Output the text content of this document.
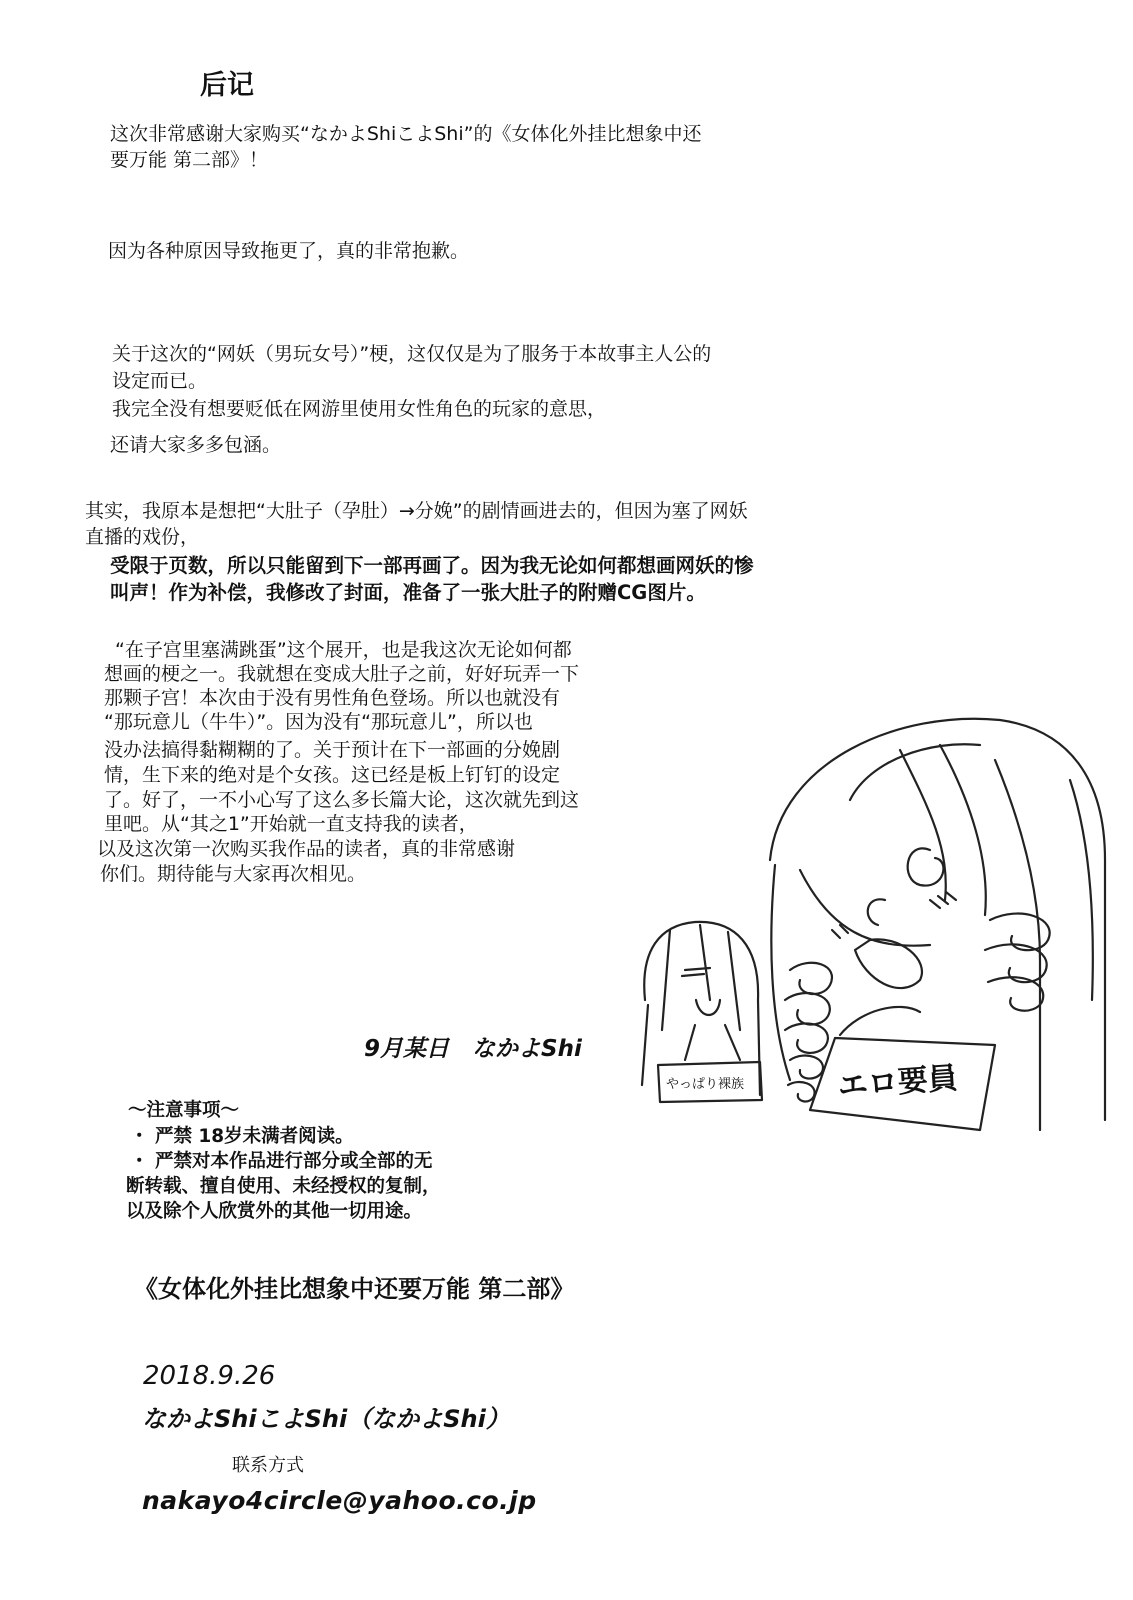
后记
这次非常感谢大家购买“なかよShiこよShi”的《女体化外挂比想象中还
要万能 第二部》！
因为各种原因导致拖更了，真的非常抱歉。
关于这次的“网妖（男玩女号）”梗，这仅仅是为了服务于本故事主人公的
设定而已。
我完全没有想要贬低在网游里使用女性角色的玩家的意思，
还请大家多多包涵。
其实，我原本是想把“大肚子（孕肚）→分娩”的剧情画进去的，但因为塞了网妖
直播的戏份，
受限于页数，所以只能留到下一部再画了。因为我无论如何都想画网妖的惨
叫声！作为补偿，我修改了封面，准备了一张大肚子的附赠CG图片。
“在子宫里塞满跳蛋”这个展开，也是我这次无论如何都
想画的梗之一。我就想在变成大肚子之前，好好玩弄一下
那颗子宫！本次由于没有男性角色登场。所以也就没有
“那玩意儿（牛牛）”。因为没有“那玩意儿”，所以也
没办法搞得黏糊糊的了。关于预计在下一部画的分娩剧
情，生下来的绝对是个女孩。这已经是板上钉钉的设定
了。好了，一不小心写了这么多长篇大论，这次就先到这
里吧。从“其之1”开始就一直支持我的读者，
以及这次第一次购买我作品的读者，真的非常感谢
你们。期待能与大家再次相见。
9月某日　なかよShi
～注意事项～
・ 严禁 18岁未满者阅读。
・ 严禁对本作品进行部分或全部的无
断转载、擅自使用、未经授权的复制，
以及除个人欣赏外的其他一切用途。
《女体化外挂比想象中还要万能 第二部》
2018.9.26
なかよShiこよShi（なかよShi）
联系方式
nakayo4circle@yahoo.co.jp
やっぱり裸族	エロ要員
